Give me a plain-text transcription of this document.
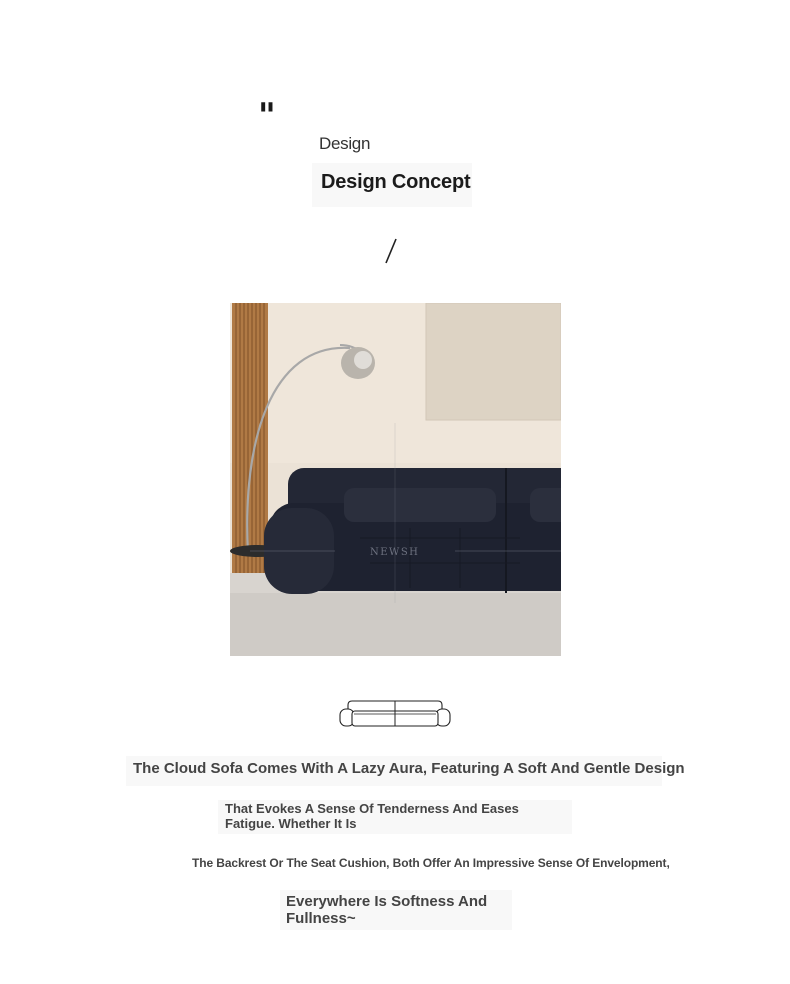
"
Design
Design Concept
NEWSH
The Cloud Sofa Comes With A Lazy Aura, Featuring A Soft And Gentle Design
That Evokes A Sense Of Tenderness And Eases Fatigue. Whether It Is
The Backrest Or The Seat Cushion, Both Offer An Impressive Sense Of Envelopment,
Everywhere Is Softness And Fullness~
